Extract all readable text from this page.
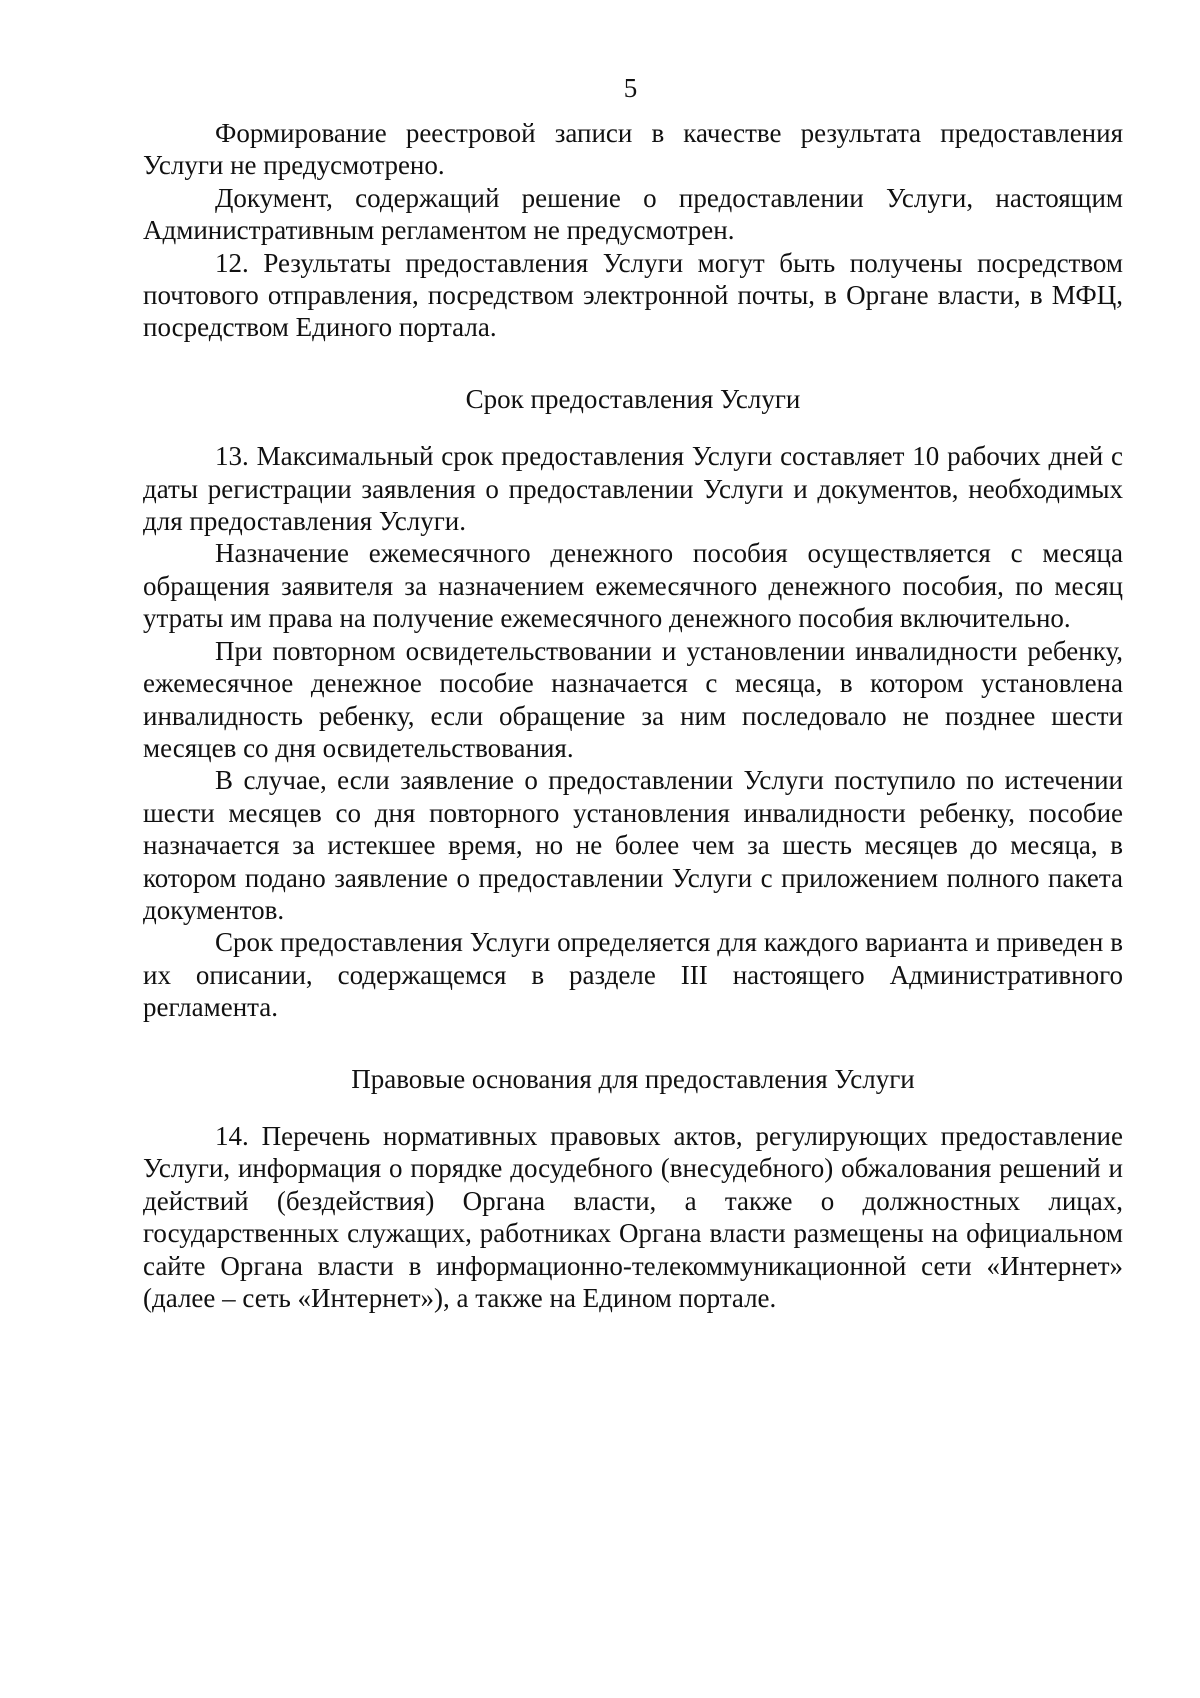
5

Формирование реестровой записи в качестве результата предоставления Услуги не предусмотрено.

Документ, содержащий решение о предоставлении Услуги, настоящим Административным регламентом не предусмотрен.

12. Результаты предоставления Услуги могут быть получены посредством почтового отправления, посредством электронной почты, в Органе власти, в МФЦ, посредством Единого портала.

Срок предоставления Услуги

13. Максимальный срок предоставления Услуги составляет 10 рабочих дней с даты регистрации заявления о предоставлении Услуги и документов, необходимых для предоставления Услуги.

Назначение ежемесячного денежного пособия осуществляется с месяца обращения заявителя за назначением ежемесячного денежного пособия, по месяц утраты им права на получение ежемесячного денежного пособия включительно.

При повторном освидетельствовании и установлении инвалидности ребенку, ежемесячное денежное пособие назначается с месяца, в котором установлена инвалидность ребенку, если обращение за ним последовало не позднее шести месяцев со дня освидетельствования.

В случае, если заявление о предоставлении Услуги поступило по истечении шести месяцев со дня повторного установления инвалидности ребенку, пособие назначается за истекшее время, но не более чем за шесть месяцев до месяца, в котором подано заявление о предоставлении Услуги с приложением полного пакета документов.

Срок предоставления Услуги определяется для каждого варианта и приведен в их описании, содержащемся в разделе III настоящего Административного регламента.

Правовые основания для предоставления Услуги

14. Перечень нормативных правовых актов, регулирующих предоставление Услуги, информация о порядке досудебного (внесудебного) обжалования решений и действий (бездействия) Органа власти, а также о должностных лицах, государственных служащих, работниках Органа власти размещены на официальном сайте Органа власти в информационно-телекоммуникационной сети «Интернет» (далее – сеть «Интернет»), а также на Едином портале.
